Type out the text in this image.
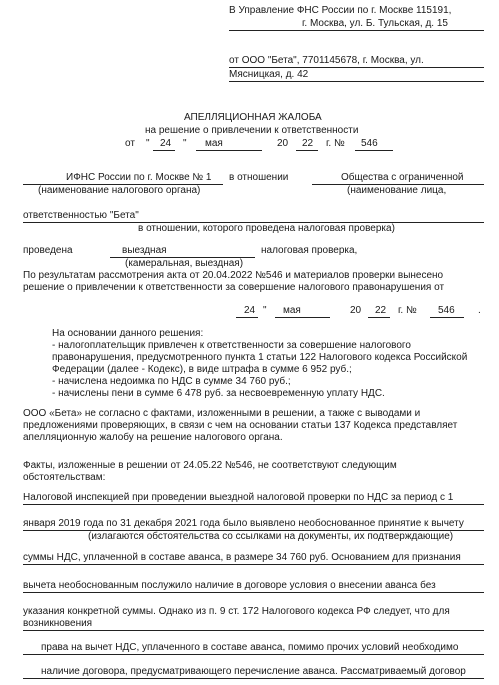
В Управление ФНС России по г. Москве 115191,
г. Москва, ул. Б. Тульская, д. 15
от ООО "Бета", 7701145678, г. Москва, ул.
Мясницкая, д. 42
АПЕЛЛЯЦИОННАЯ ЖАЛОБА
на решение о привлечении к ответственности
от " 24 " мая	20 22 г. № 546
ИФНС России по г. Москве № 1 в отношении	Общества с ограниченной
(наименование налогового органа)	(наименование лица,
ответственностью "Бета"
в отношении, которого проведена налоговая проверка)
проведена	выездная	налоговая проверка,
(камеральная, выездная)
По результатам рассмотрения акта от 20.04.2022 №546 и материалов проверки вынесено
решение о привлечении к ответственности за совершение налогового правонарушения от
24 " мая	20 22 г. № 546 .
На основании данного решения:
- налогоплательщик привлечен к ответственности за совершение налогового
правонарушения, предусмотренного пункта 1 статьи 122 Налогового кодекса Российской
Федерации (далее - Кодекс), в виде штрафа в сумме 6 952 руб.;
- начислена недоимка по НДС в сумме 34 760 руб.;
- начислены пени в сумме 6 478 руб. за несвоевременную уплату НДС.
ООО «Бета» не согласно с фактами, изложенными в решении, а также с выводами и
предложениями проверяющих, в связи с чем на основании статьи 137 Кодекса представляет
апелляционную жалобу на решение налогового органа.
Факты, изложенные в решении от 24.05.22 №546, не соответствуют следующим
обстоятельствам:
Налоговой инспекцией при проведении выездной налоговой проверки по НДС за период с 1
января 2019 года по 31 декабря 2021 года было выявлено необоснованное принятие к вычету
(излагаются обстоятельства со ссылками на документы, их подтверждающие)
суммы НДС, уплаченной в составе аванса, в размере 34 760 руб. Основанием для признания
вычета необоснованным послужило наличие в договоре условия о внесении аванса без
указания конкретной суммы. Однако из п. 9 ст. 172 Налогового кодекса РФ следует, что для
возникновения
права на вычет НДС, уплаченного в составе аванса, помимо прочих условий необходимо
наличие договора, предусматривающего перечисление аванса. Рассматриваемый договор
